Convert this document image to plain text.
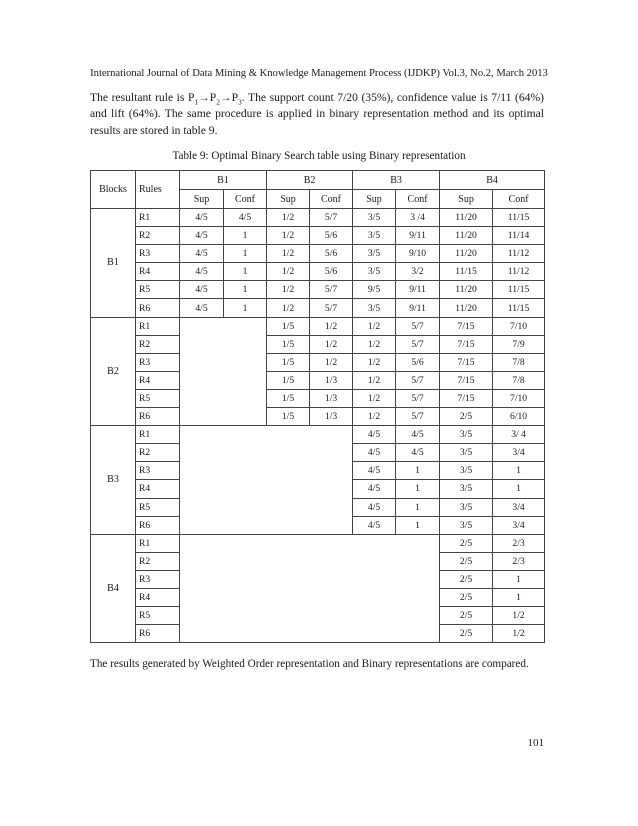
International Journal of Data Mining & Knowledge Management Process (IJDKP) Vol.3, No.2, March 2013
The resultant rule is $P_1\to P_2\to P_3$. The support count 7/20 (35%), confidence value is 7/11 (64%) and lift (64%). The same procedure is applied in binary representation method and its optimal results are stored in table 9.
Table 9: Optimal Binary Search table using Binary representation
Blocks	Rules	B1		B2		B3		B4	
		Sup	Conf	Sup	Conf	Sup	Conf	Sup	Conf
B1	R1	4/5	4/5	1/2	5/7	3/5	3 /4	11/20	11/15
	R2	4/5	1	1/2	5/6	3/5	9/11	11/20	11/14
	R3	4/5	1	1/2	5/6	3/5	9/10	11/20	11/12
	R4	4/5	1	1/2	5/6	3/5	3/2	11/15	11/12
	R5	4/5	1	1/2	5/7	9/5	9/11	11/20	11/15
	R6	4/5	1	1/2	5/7	3/5	9/11	11/20	11/15
B2	R1			1/5	1/2	1/2	5/7	7/15	7/10
	R2			1/5	1/2	1/2	5/7	7/15	7/9
	R3			1/5	1/2	1/2	5/6	7/15	7/8
	R4			1/5	1/3	1/2	5/7	7/15	7/8
	R5			1/5	1/3	1/2	5/7	7/15	7/10
	R6			1/5	1/3	1/2	5/7	2/5	6/10
B3	R1					4/5	4/5	3/5	3/ 4
	R2					4/5	4/5	3/5	3/4
	R3					4/5	1	3/5	1
	R4					4/5	1	3/5	1
	R5					4/5	1	3/5	3/4
	R6					4/5	1	3/5	3/4
B4	R1							2/5	2/3
	R2							2/5	2/3
	R3							2/5	1
	R4							2/5	1
	R5							2/5	1/2
	R6							2/5	1/2
The results generated by Weighted Order representation and Binary representations are compared.
101
